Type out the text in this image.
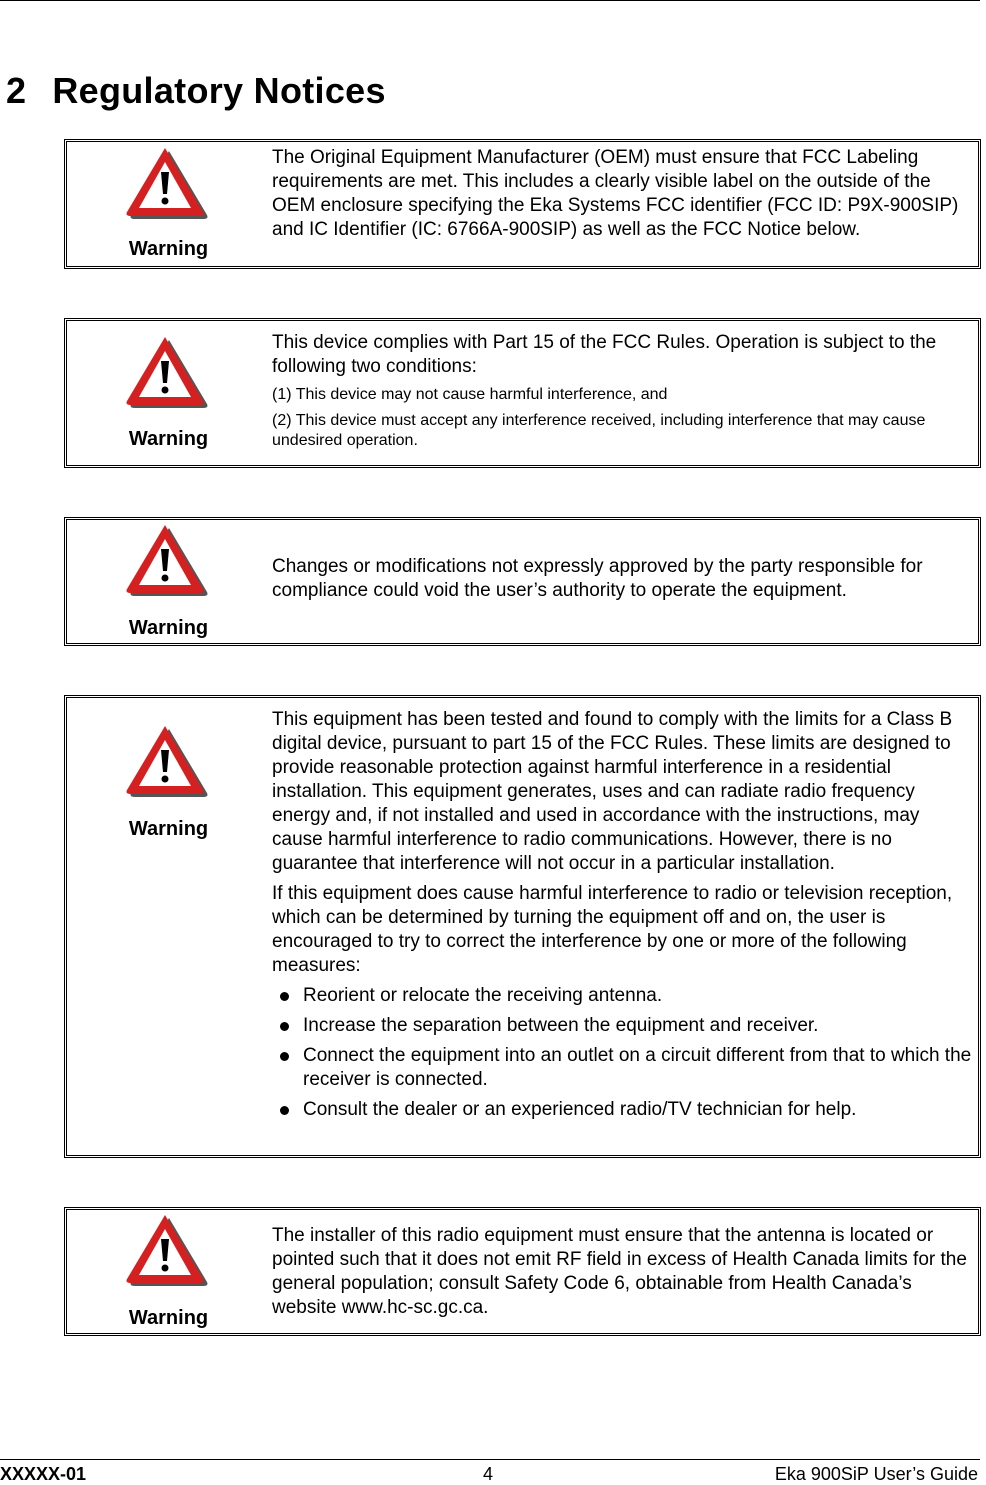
2 Regulatory Notices
Warning

The Original Equipment Manufacturer (OEM) must ensure that FCC Labeling requirements are met. This includes a clearly visible label on the outside of the OEM enclosure specifying the Eka Systems FCC identifier (FCC ID: P9X-900SIP) and IC Identifier (IC: 6766A-900SIP) as well as the FCC Notice below.

Warning

This device complies with Part 15 of the FCC Rules. Operation is subject to the following two conditions:

(1) This device may not cause harmful interference, and

(2) This device must accept any interference received, including interference that may cause undesired operation.

Warning

Changes or modifications not expressly approved by the party responsible for compliance could void the user’s authority to operate the equipment.

Warning

This equipment has been tested and found to comply with the limits for a Class B digital device, pursuant to part 15 of the FCC Rules. These limits are designed to provide reasonable protection against harmful interference in a residential installation. This equipment generates, uses and can radiate radio frequency energy and, if not installed and used in accordance with the instructions, may cause harmful interference to radio communications. However, there is no guarantee that interference will not occur in a particular installation.

If this equipment does cause harmful interference to radio or television reception, which can be determined by turning the equipment off and on, the user is encouraged to try to correct the interference by one or more of the following measures:

Reorient or relocate the receiving antenna.
Increase the separation between the equipment and receiver.
Connect the equipment into an outlet on a circuit different from that to which the receiver is connected.
Consult the dealer or an experienced radio/TV technician for help.
Warning

The installer of this radio equipment must ensure that the antenna is located or pointed such that it does not emit RF field in excess of Health Canada limits for the general population; consult Safety Code 6, obtainable from Health Canada’s website www.hc-sc.gc.ca.

XXXXX-01	4	Eka 900SiP User’s Guide
